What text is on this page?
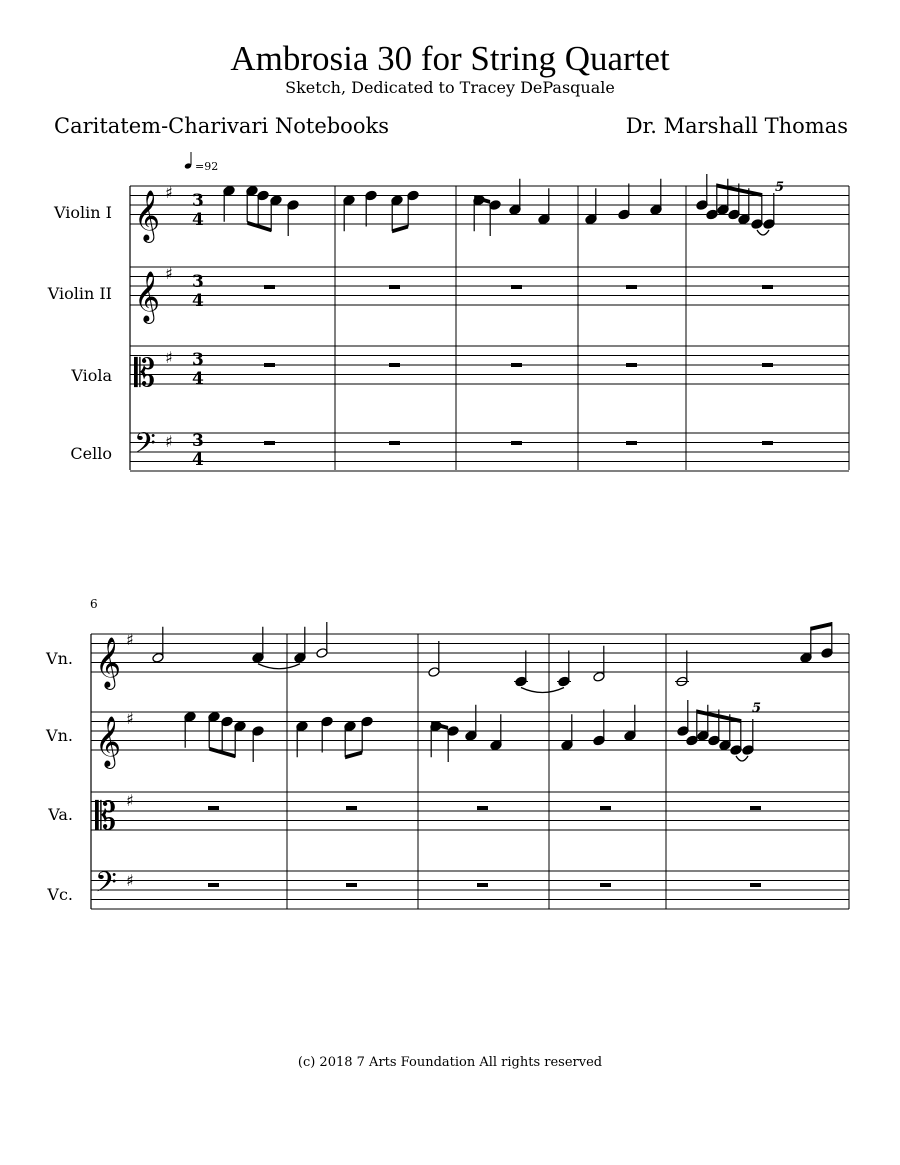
Ambrosia 30 for String Quartet
Sketch, Dedicated to Tracey DePasquale
Caritatem-Charivari Notebooks	Dr. Marshall Thomas
=92
Violin I
Violin II
Viola
Cello
𝄞
𝄞
𝄡
𝄢
♯
♯
♯
♯
3
4
3
4
3
4
3
4
5
6
Vn.
Vn.
Va.
Vc.
𝄞
𝄞
𝄡
𝄢
♯
♯
♯
♯
5
(c) 2018 7 Arts Foundation All rights reserved
